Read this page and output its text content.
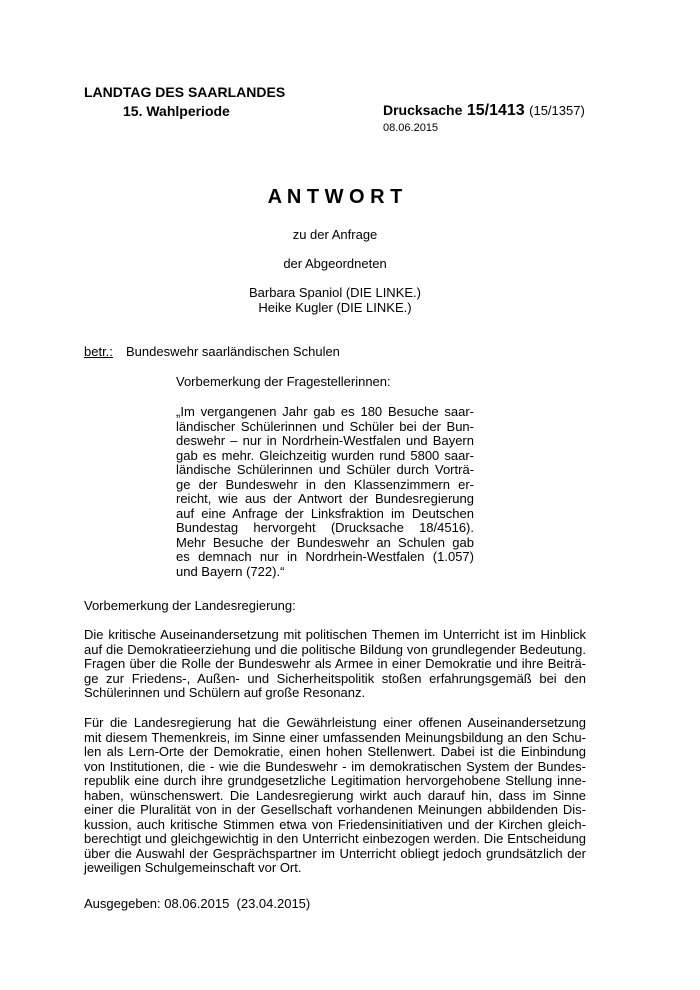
LANDTAG DES SAARLANDES
15. Wahlperiode	Drucksache 15/1413 (15/1357)
08.06.2015
A N T W O R T
zu der Anfrage
der Abgeordneten
Barbara Spaniol (DIE LINKE.)
Heike Kugler (DIE LINKE.)
betr.: Bundeswehr saarländischen Schulen
Vorbemerkung der Fragestellerinnen:
„Im vergangenen Jahr gab es 180 Besuche saar-
ländischer Schülerinnen und Schüler bei der Bun-
deswehr – nur in Nordrhein-Westfalen und Bayern
gab es mehr. Gleichzeitig wurden rund 5800 saar-
ländische Schülerinnen und Schüler durch Vorträ-
ge der Bundeswehr in den Klassenzimmern er-
reicht, wie aus der Antwort der Bundesregierung
auf eine Anfrage der Linksfraktion im Deutschen
Bundestag hervorgeht (Drucksache 18/4516).
Mehr Besuche der Bundeswehr an Schulen gab
es demnach nur in Nordrhein-Westfalen (1.057)
und Bayern (722).“
Vorbemerkung der Landesregierung:
Die kritische Auseinandersetzung mit politischen Themen im Unterricht ist im Hinblick
auf die Demokratieerziehung und die politische Bildung von grundlegender Bedeutung.
Fragen über die Rolle der Bundeswehr als Armee in einer Demokratie und ihre Beiträ-
ge zur Friedens-, Außen- und Sicherheitspolitik stoßen erfahrungsgemäß bei den
Schülerinnen und Schülern auf große Resonanz.
Für die Landesregierung hat die Gewährleistung einer offenen Auseinandersetzung
mit diesem Themenkreis, im Sinne einer umfassenden Meinungsbildung an den Schu-
len als Lern-Orte der Demokratie, einen hohen Stellenwert. Dabei ist die Einbindung
von Institutionen, die - wie die Bundeswehr - im demokratischen System der Bundes-
republik eine durch ihre grundgesetzliche Legitimation hervorgehobene Stellung inne-
haben, wünschenswert. Die Landesregierung wirkt auch darauf hin, dass im Sinne
einer die Pluralität von in der Gesellschaft vorhandenen Meinungen abbildenden Dis-
kussion, auch kritische Stimmen etwa von Friedensinitiativen und der Kirchen gleich-
berechtigt und gleichgewichtig in den Unterricht einbezogen werden. Die Entscheidung
über die Auswahl der Gesprächspartner im Unterricht obliegt jedoch grundsätzlich der
jeweiligen Schulgemeinschaft vor Ort.
Ausgegeben: 08.06.2015  (23.04.2015)
